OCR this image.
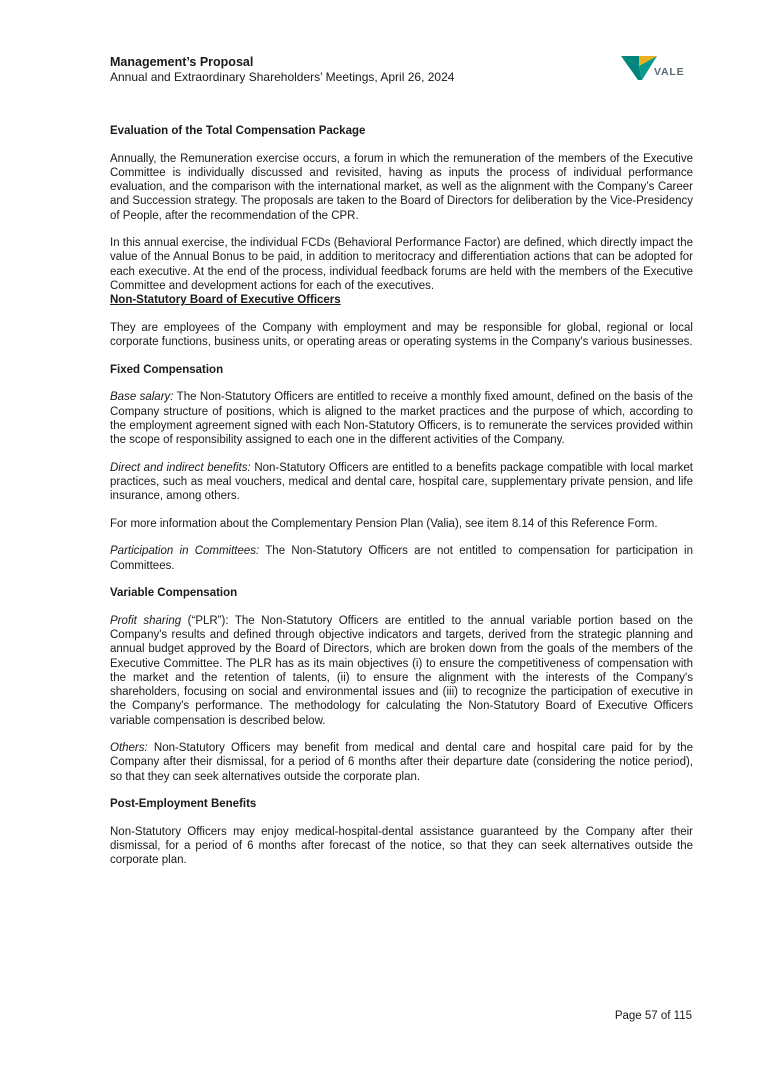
Management’s Proposal
Annual and Extraordinary Shareholders’ Meetings, April 26, 2024	VALE

Evaluation of the Total Compensation Package

Annually, the Remuneration exercise occurs, a forum in which the remuneration of the members of the Executive Committee is individually discussed and revisited, having as inputs the process of individual performance evaluation, and the comparison with the international market, as well as the alignment with the Company’s Career and Succession strategy. The proposals are taken to the Board of Directors for deliberation by the Vice-Presidency of People, after the recommendation of the CPR.

In this annual exercise, the individual FCDs (Behavioral Performance Factor) are defined, which directly impact the value of the Annual Bonus to be paid, in addition to meritocracy and differentiation actions that can be adopted for each executive. At the end of the process, individual feedback forums are held with the members of the Executive Committee and development actions for each of the executives.

Non-Statutory Board of Executive Officers

They are employees of the Company with employment and may be responsible for global, regional or local corporate functions, business units, or operating areas or operating systems in the Company's various businesses.

Fixed Compensation

Base salary: The Non-Statutory Officers are entitled to receive a monthly fixed amount, defined on the basis of the Company structure of positions, which is aligned to the market practices and the purpose of which, according to the employment agreement signed with each Non-Statutory Officers, is to remunerate the services provided within the scope of responsibility assigned to each one in the different activities of the Company.

Direct and indirect benefits: Non-Statutory Officers are entitled to a benefits package compatible with local market practices, such as meal vouchers, medical and dental care, hospital care, supplementary private pension, and life insurance, among others.

For more information about the Complementary Pension Plan (Valia), see item 8.14 of this Reference Form.

Participation in Committees: The Non-Statutory Officers are not entitled to compensation for participation in Committees.

Variable Compensation

Profit sharing (“PLR”): The Non-Statutory Officers are entitled to the annual variable portion based on the Company's results and defined through objective indicators and targets, derived from the strategic planning and annual budget approved by the Board of Directors, which are broken down from the goals of the members of the Executive Committee. The PLR has as its main objectives (i) to ensure the competitiveness of compensation with the market and the retention of talents, (ii) to ensure the alignment with the interests of the Company's shareholders, focusing on social and environmental issues and (iii) to recognize the participation of executive in the Company's performance. The methodology for calculating the Non-Statutory Board of Executive Officers variable compensation is described below.

Others: Non-Statutory Officers may benefit from medical and dental care and hospital care paid for by the Company after their dismissal, for a period of 6 months after their departure date (considering the notice period), so that they can seek alternatives outside the corporate plan.

Post-Employment Benefits

Non-Statutory Officers may enjoy medical-hospital-dental assistance guaranteed by the Company after their dismissal, for a period of 6 months after forecast of the notice, so that they can seek alternatives outside the corporate plan.

Page 57 of 115
